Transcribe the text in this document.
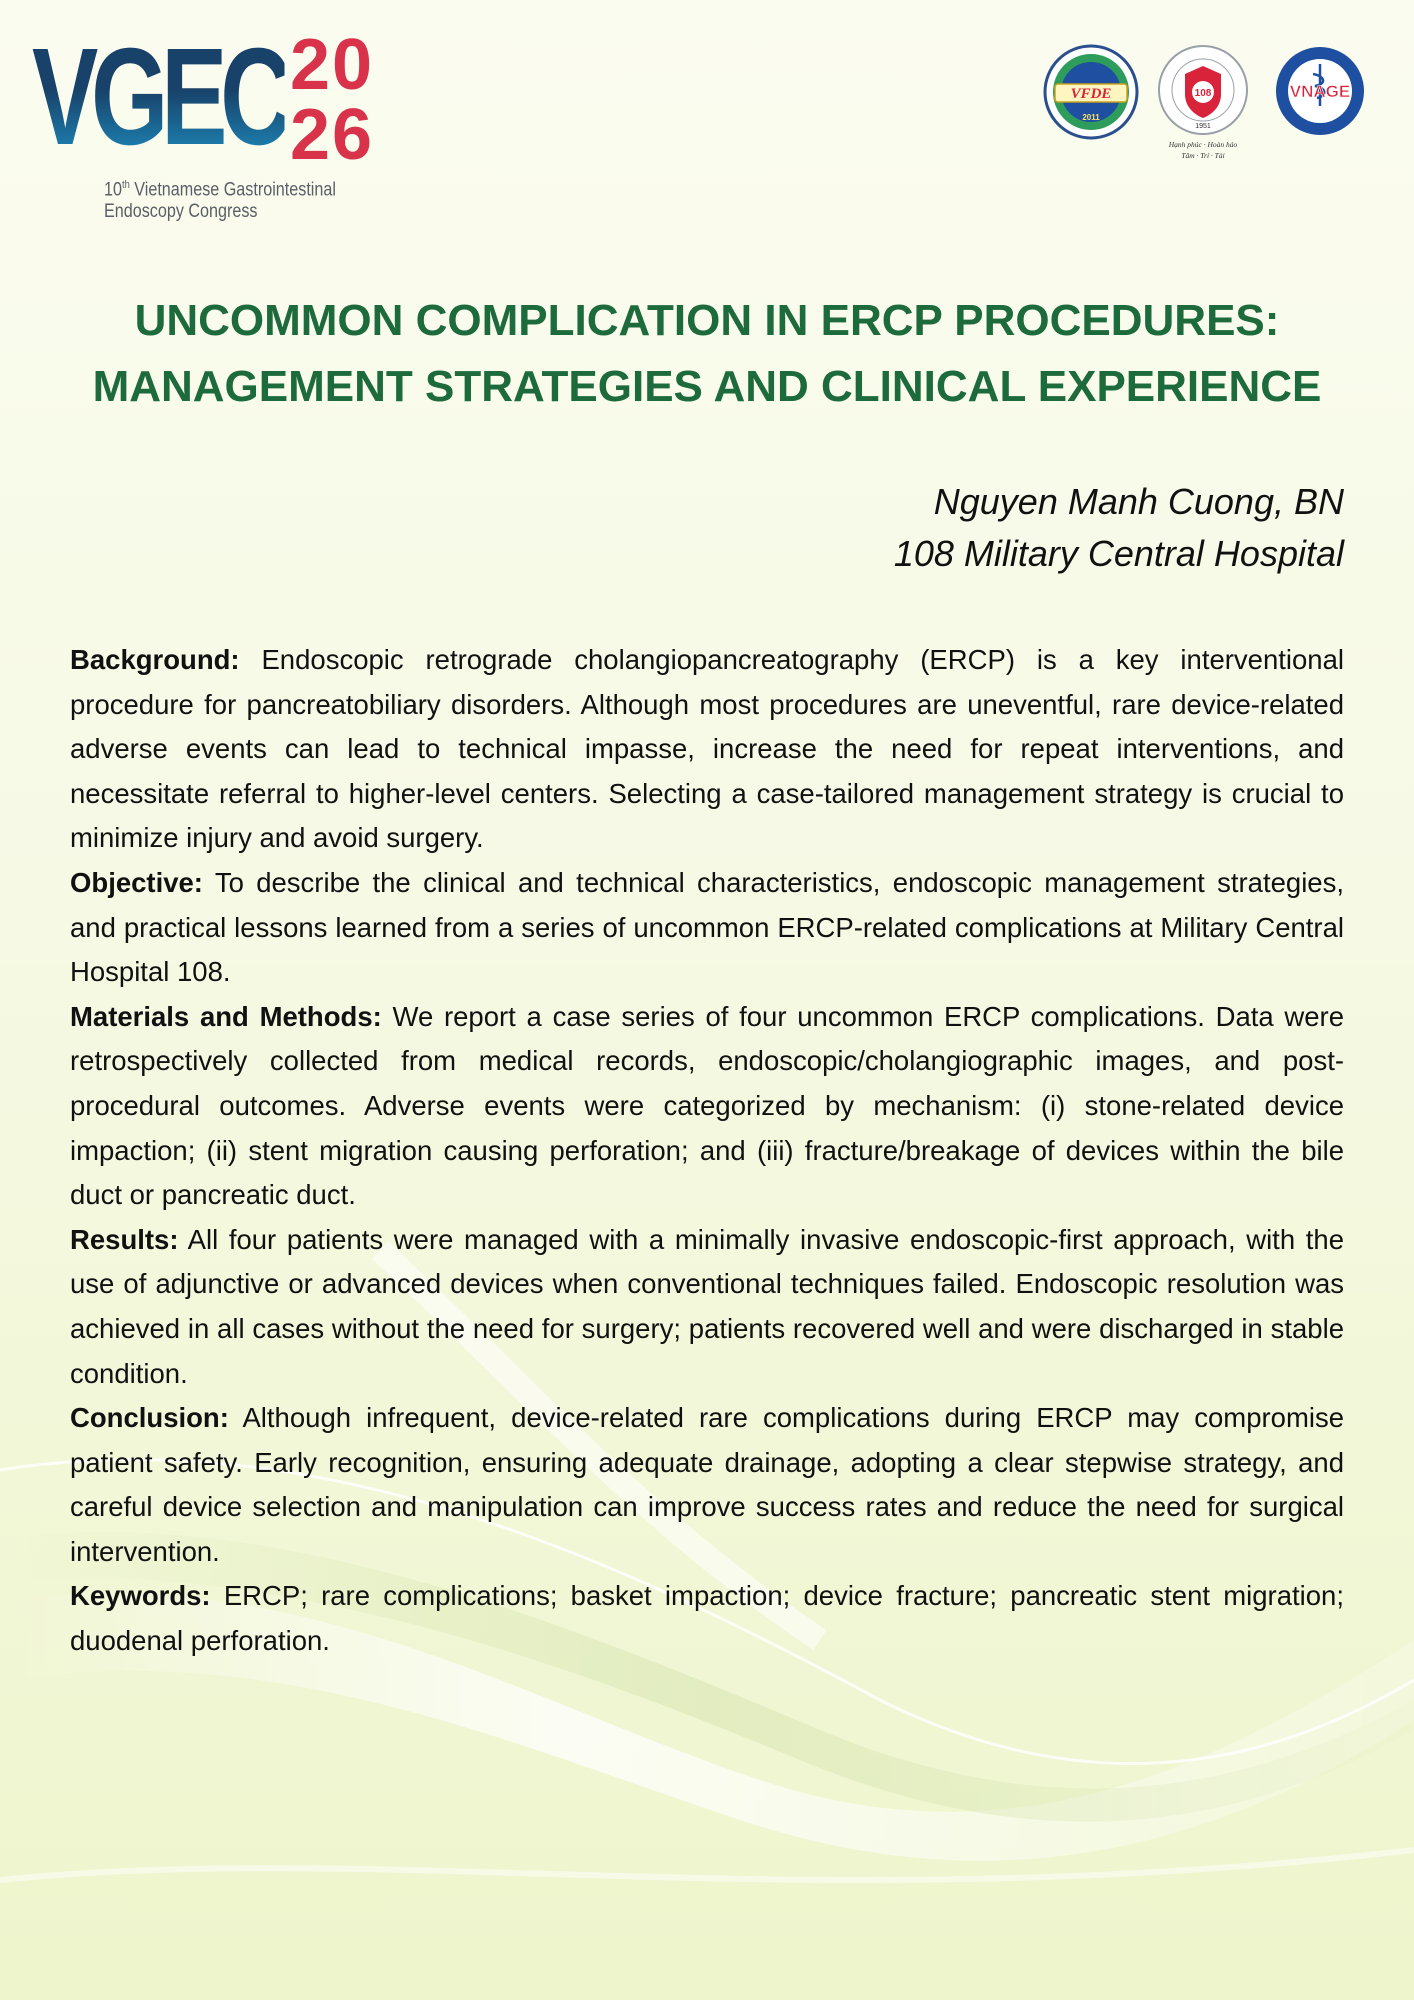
VGEC 20
26
10th Vietnamese Gastrointestinal
Endoscopy Congress
VFDE
2011
108
1951
Hạnh phúc · Hoàn hảo
Tâm · Trí · Tài
VNAGE
UNCOMMON COMPLICATION IN ERCP PROCEDURES:
MANAGEMENT STRATEGIES AND CLINICAL EXPERIENCE
Nguyen Manh Cuong, BN
108 Military Central Hospital

Background: Endoscopic retrograde cholangiopancreatography (ERCP) is a key interventional procedure for pancreatobiliary disorders. Although most procedures are uneventful, rare device-related adverse events can lead to technical impasse, increase the need for repeat interventions, and necessitate referral to higher-level centers. Selecting a case-tailored management strategy is crucial to minimize injury and avoid surgery.

Objective: To describe the clinical and technical characteristics, endoscopic management strategies, and practical lessons learned from a series of uncommon ERCP-related complications at Military Central Hospital 108.

Materials and Methods: We report a case series of four uncommon ERCP complications. Data were retrospectively collected from medical records, endoscopic/cholangiographic images, and post-procedural outcomes. Adverse events were categorized by mechanism: (i) stone-related device impaction; (ii) stent migration causing perforation; and (iii) fracture/breakage of devices within the bile duct or pancreatic duct.

Results: All four patients were managed with a minimally invasive endoscopic-first approach, with the use of adjunctive or advanced devices when conventional techniques failed. Endoscopic resolution was achieved in all cases without the need for surgery; patients recovered well and were discharged in stable condition.

Conclusion: Although infrequent, device-related rare complications during ERCP may compromise patient safety. Early recognition, ensuring adequate drainage, adopting a clear stepwise strategy, and careful device selection and manipulation can improve success rates and reduce the need for surgical intervention.

Keywords: ERCP; rare complications; basket impaction; device fracture; pancreatic stent migration; duodenal perforation.
